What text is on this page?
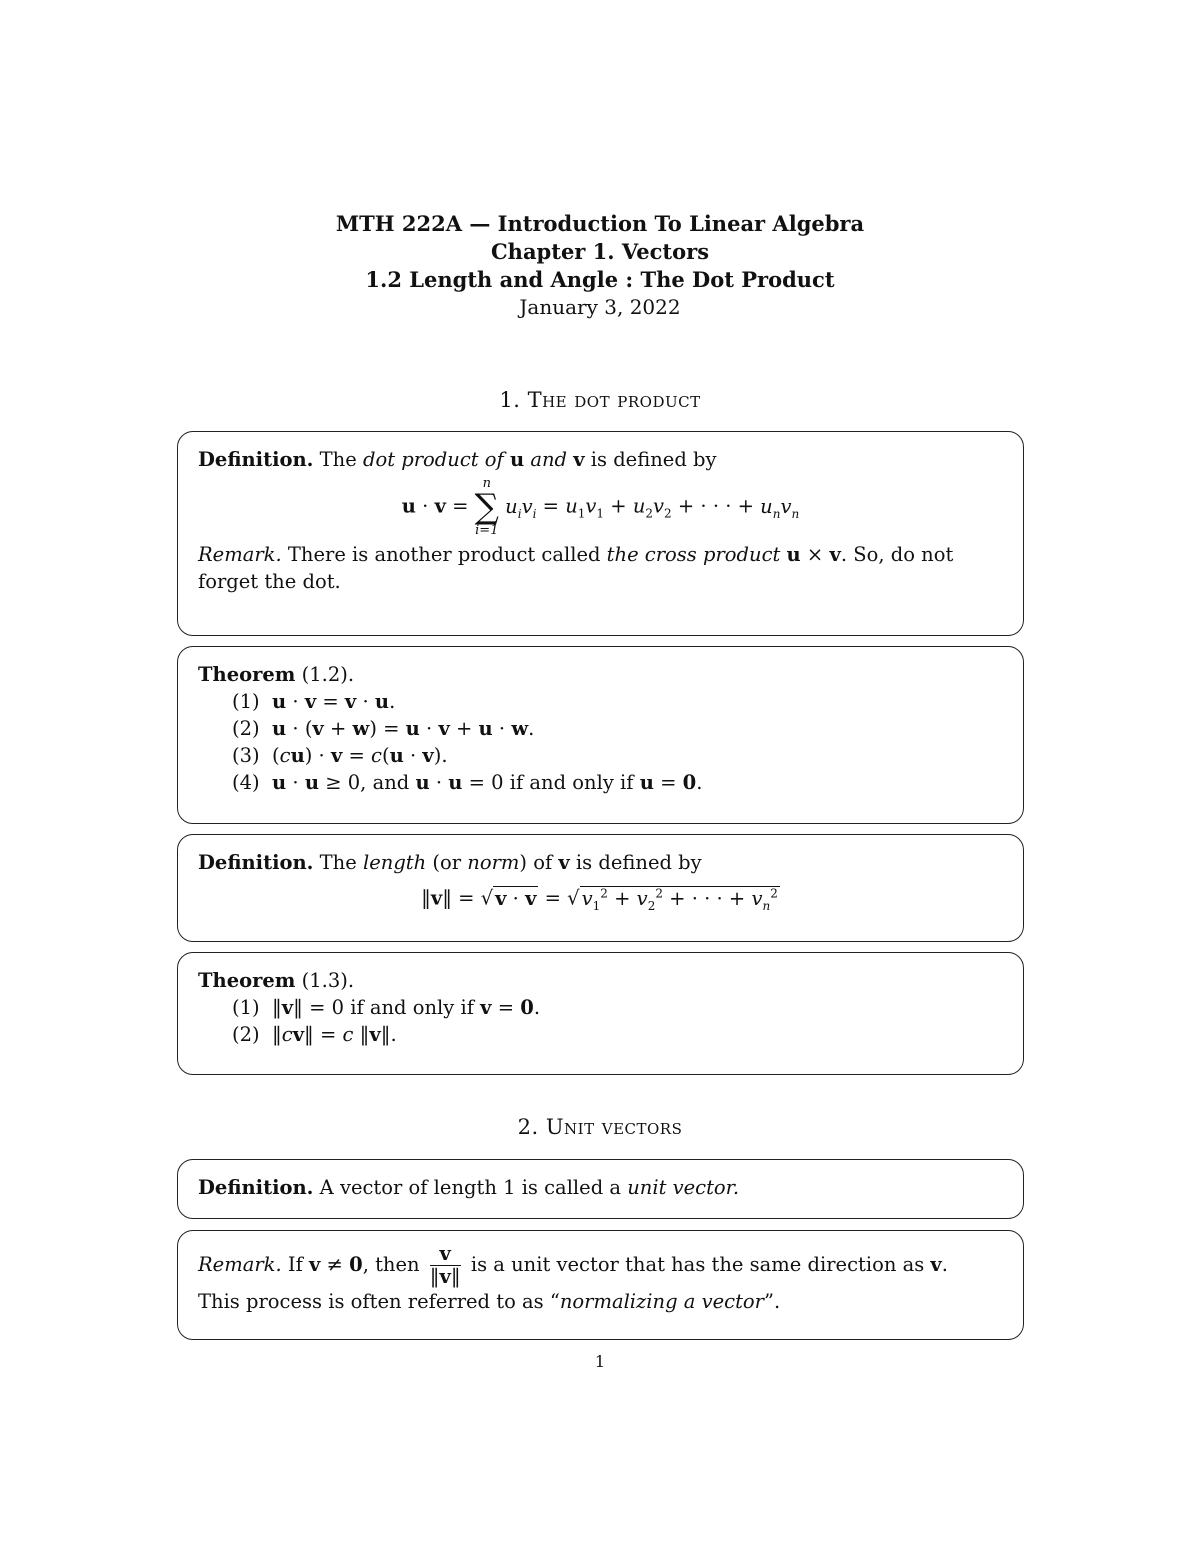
MTH 222A — Introduction To Linear Algebra
Chapter 1. Vectors
1.2 Length and Angle : The Dot Product
January 3, 2022
1. The dot product
Definition. The dot product of u and v is defined by
u · v =
n
∑
i=1
$u_iv_i = u_1v_1 + u_2v_2$ + · · · + $u_nv_n$
Remark. There is another product called the cross product u × v. So, do not forget the dot.
Theorem (1.2).
(1) u · v = v · u.
(2) u · (v + w) = u · v + u · w.
(3)  (cu) · v = c(u · v).
(4) u · u ≥ 0, and u · u = 0 if and only if u = 0.
Definition. The length (or norm) of v is defined by
‖v‖ = √ v · v = √ $v_1^2 + v_2^2$ + · · · + $v_n^2$
Theorem (1.3).
(1)  ‖v‖ = 0 if and only if v = 0.
(2)  ‖cv‖ = c ‖v‖.
2. Unit vectors
Definition. A vector of length 1 is called a unit vector.
Remark. If v ≠ 0, then $\frac{v}{‖v‖}$ is a unit vector that has the same direction as v.
This process is often referred to as “normalizing a vector”.
1
